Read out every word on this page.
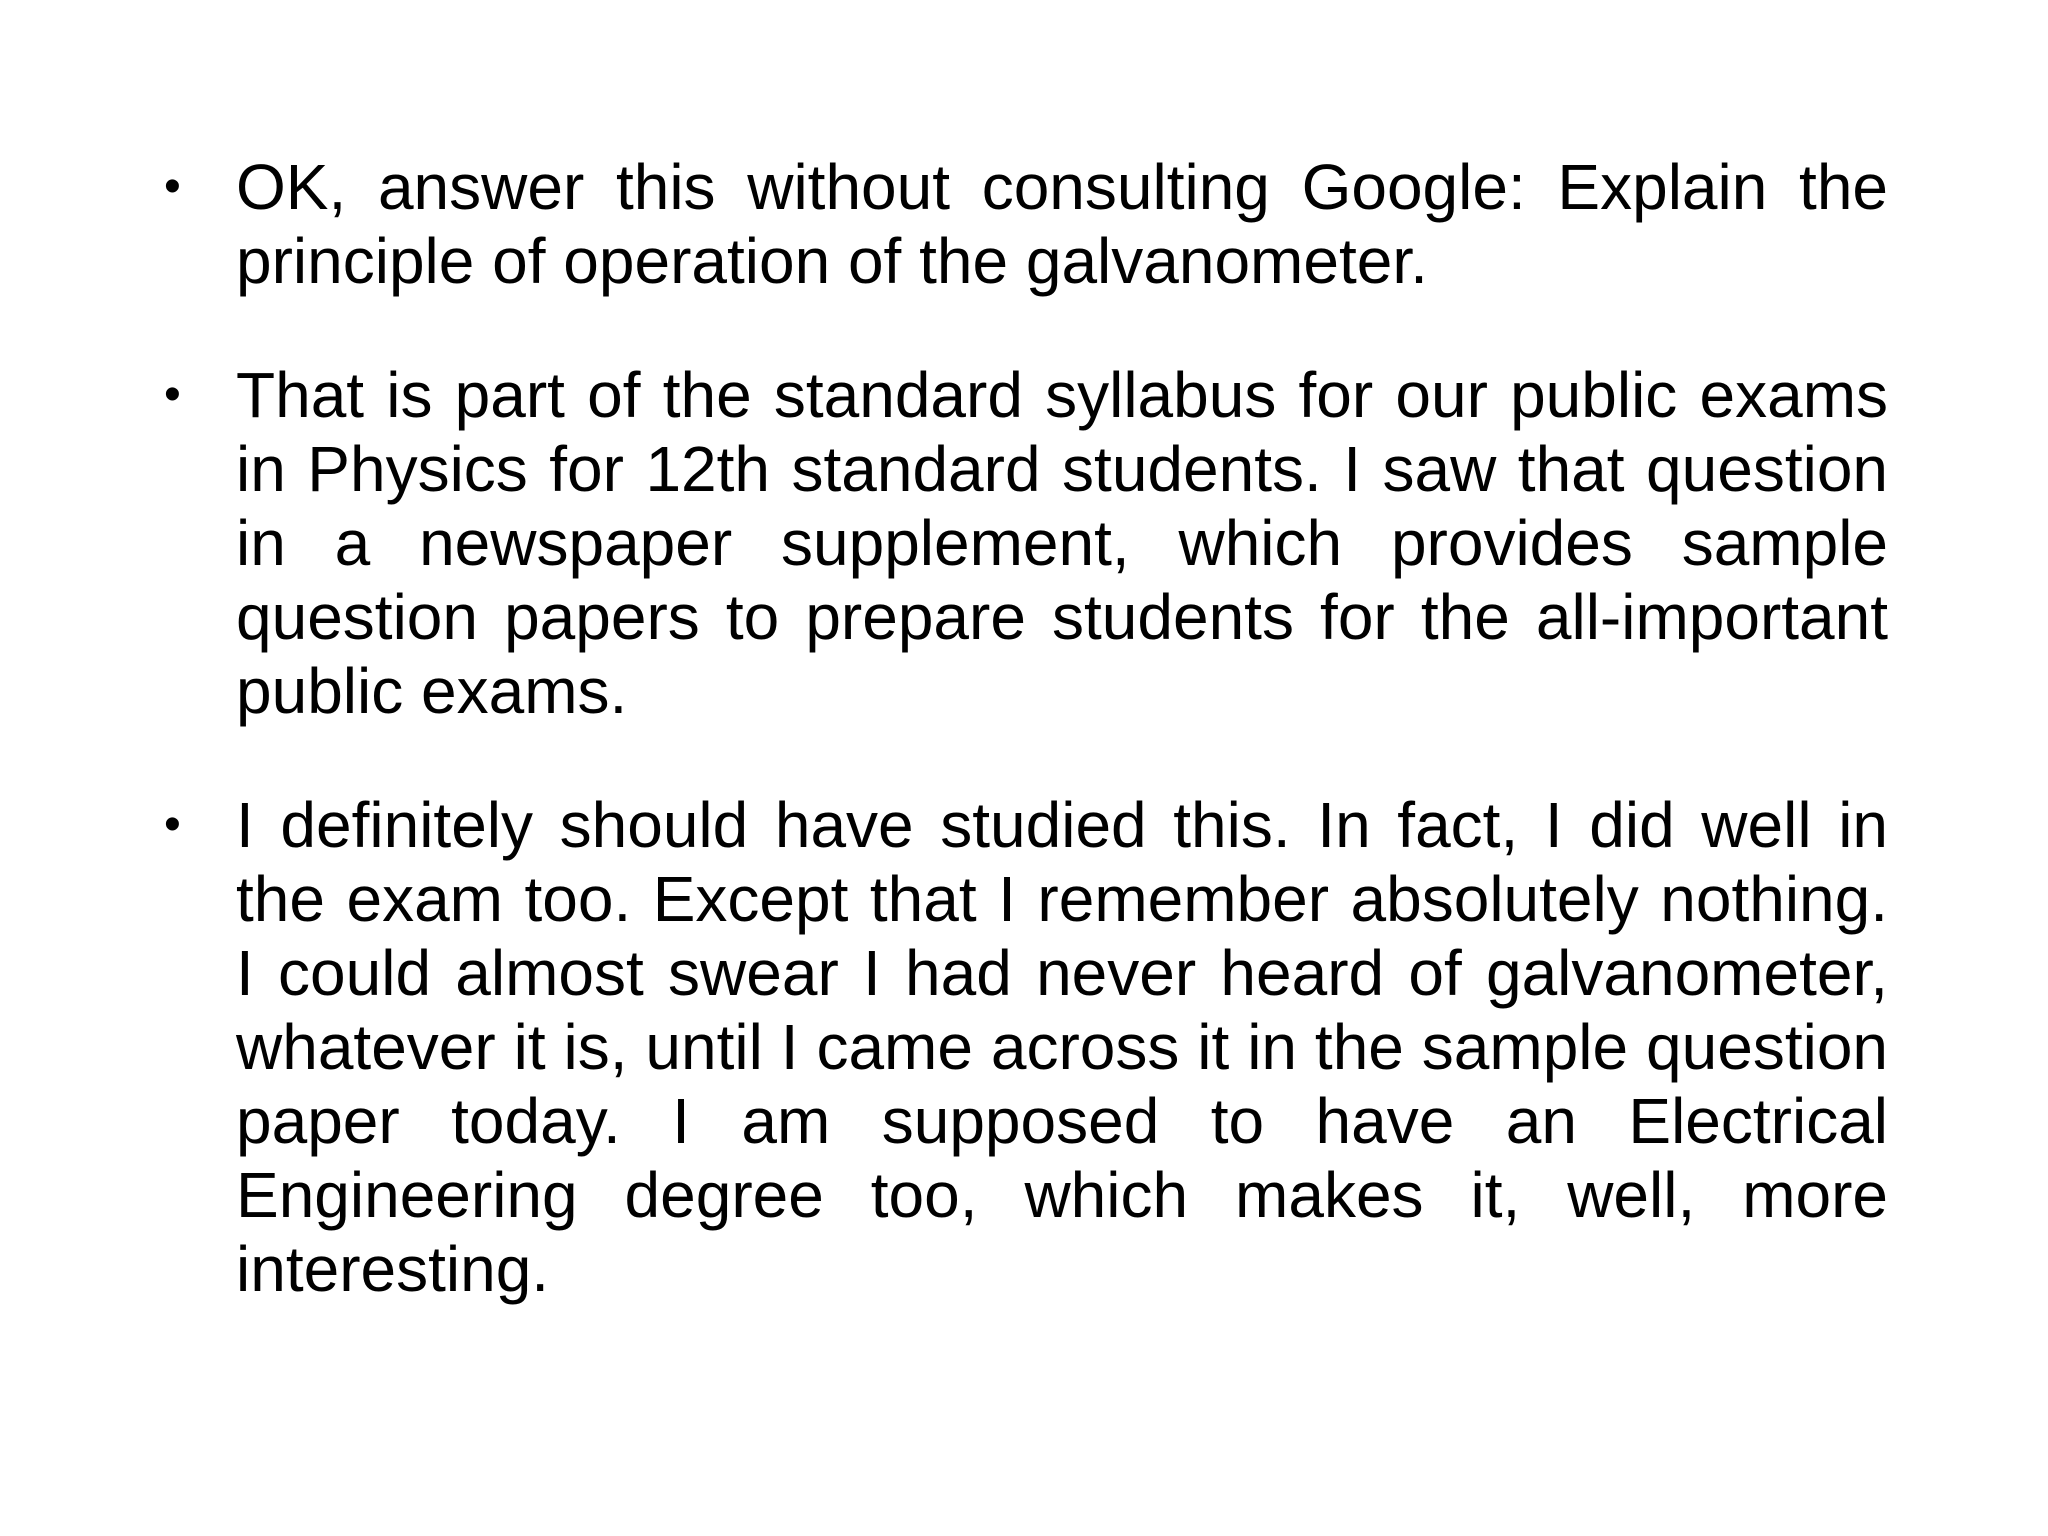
• OK, answer this without consulting Google: Explain the principle of operation of the galvanometer.
• That is part of the standard syllabus for our public exams in Physics for 12th standard students. I saw that question in a newspaper supplement, which provides sample question papers to prepare students for the all-important public exams.
• I definitely should have studied this. In fact, I did well in the exam too. Except that I remember absolutely nothing. I could almost swear I had never heard of galvanometer, whatever it is, until I came across it in the sample question paper today. I am supposed to have an Electrical Engineering degree too, which makes it, well, more interesting.
